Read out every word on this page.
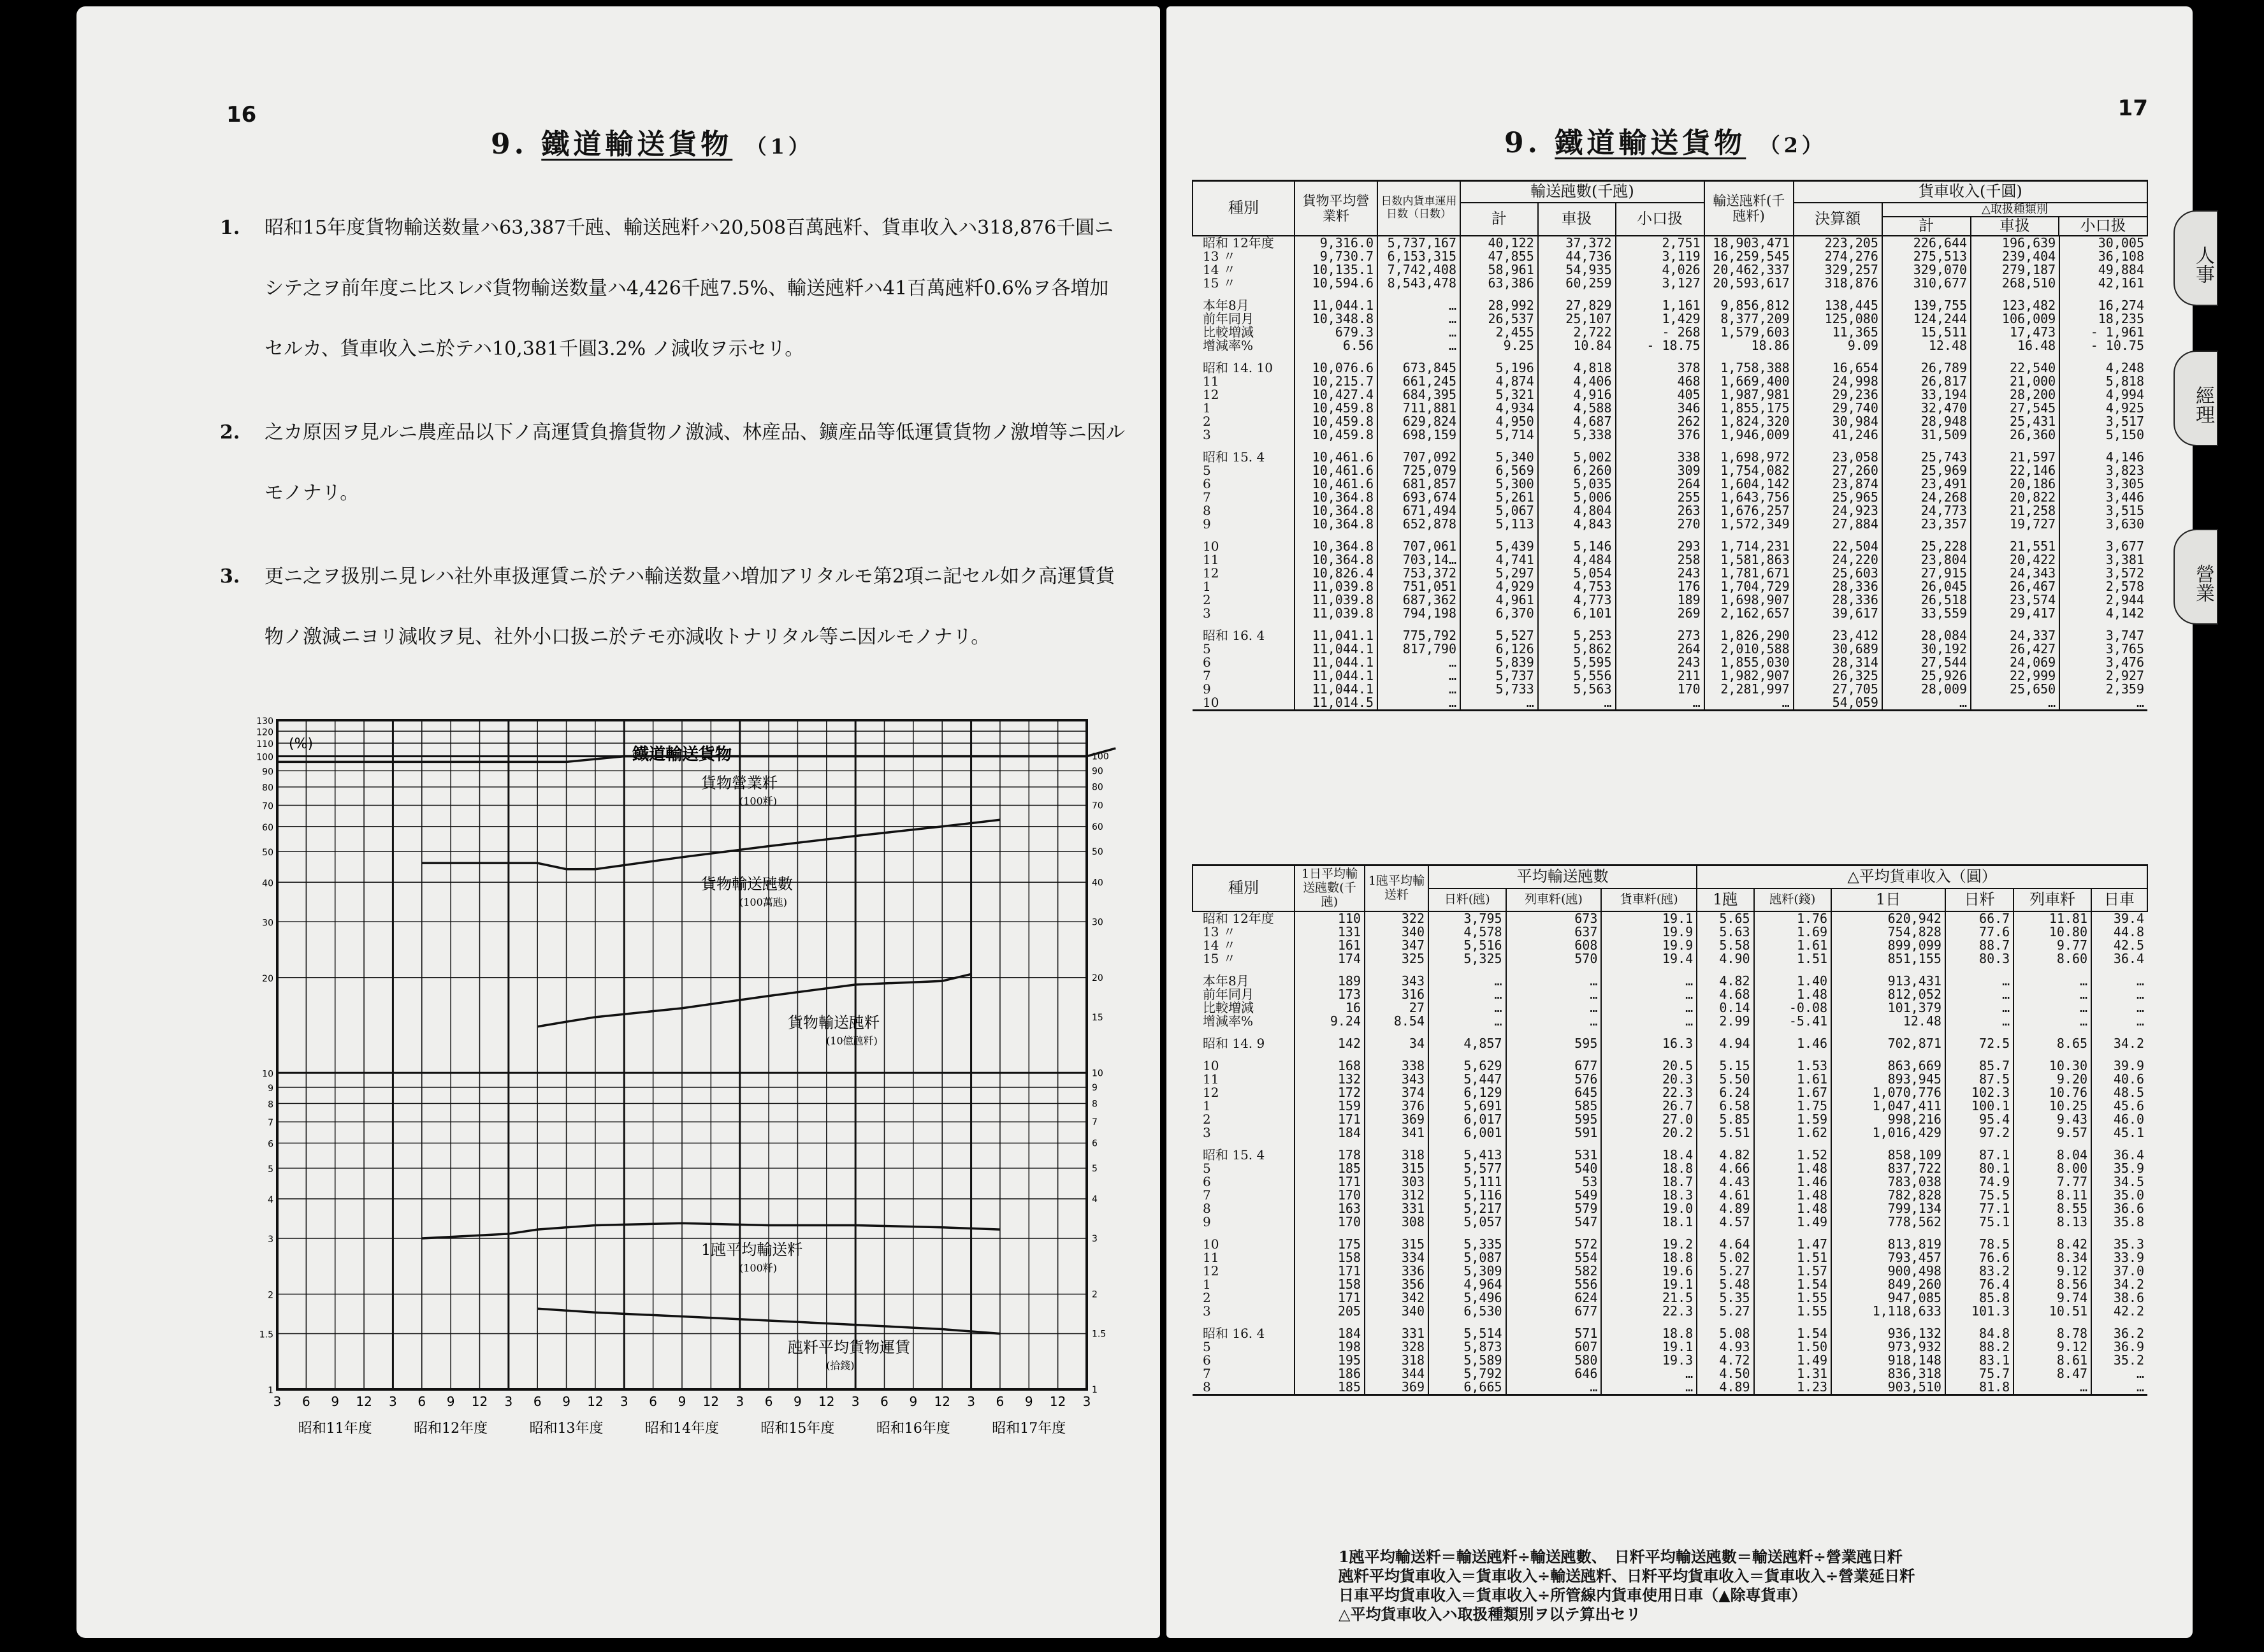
16
9. 鐵道輸送貨物 （1）
1. 昭和15年度貨物輸送数量ハ63,387千瓲、輸送瓲粁ハ20,508百萬瓲粁、貨車收入ハ318,876千圓ニシテ之ヲ前年度ニ比スレバ貨物輸送数量ハ4,426千瓲7.5%、輸送瓲粁ハ41百萬瓲粁0.6%ヲ各増加セルカ、貨車收入ニ於テハ10,381千圓3.2% ノ減收ヲ示セリ。
2. 之カ原因ヲ見ルニ農産品以下ノ高運賃負擔貨物ノ激減、林産品、鑛産品等低運賃貨物ノ激増等ニ因ルモノナリ。
3. 更ニ之ヲ扱別ニ見レハ社外車扱運賃ニ於テハ輸送数量ハ増加アリタルモ第2項ニ記セル如ク高運賃貨物ノ激減ニヨリ減收ヲ見、社外小口扱ニ於テモ亦減收トナリタル等ニ因ルモノナリ。
3 6 9 12 3 6 9 12 3 6 9 12 3 6 9 12 3 6 9 12 3 6 9 12 3 6 9 12 3
130
120
110
100
90
80
70
60
50
40
30
20
10
9
8
7
6
5
4
3
2
1.5
1
100
90
80
70
60
50
40
30
20
15
10
9
8
7
6
5
4
3
2
1.5
1
昭和11年度	昭和12年度	昭和13年度	昭和14年度	昭和15年度	昭和16年度	昭和17年度
鐵道輸送貨物
(%)
貨物營業粁
(100粁)
貨物輸送瓲數
(100萬瓲)
貨物輸送瓲粁
(10億瓲粁)
1瓲平均輸送粁
(100粁)
瓲粁平均貨物運賃
(拾錢)
17
9. 鐵道輸送貨物 （2）
人事
經理
營業
種別	貨物平均營業粁	日数内貨車運用日数（日数）	輸送瓲數(千瓲)			輸送瓲粁(千瓲粁)	貨車收入(千圓)			
			計	車扱	小口扱		決算額	△取扱種類別
計 車扱 小口扱		

昭和 12年度	9,316.0	5,737,167	40,122	37,372	2,751	18,903,471	223,205	226,644	196,639	30,005
13 〃	9,730.7	6,153,315	47,855	44,736	3,119	16,259,545	274,276	275,513	239,404	36,108
14 〃	10,135.1	7,742,408	58,961	54,935	4,026	20,462,337	329,257	329,070	279,187	49,884
15 〃	10,594.6	8,543,478	63,386	60,259	3,127	20,593,617	318,876	310,677	268,510	42,161
本年8月	11,044.1	…	28,992	27,829	1,161	9,856,812	138,445	139,755	123,482	16,274
前年同月	10,348.8	…	26,537	25,107	1,429	8,377,209	125,080	124,244	106,009	18,235
比較増減	679.3	…	2,455	2,722	- 268	1,579,603	11,365	15,511	17,473	- 1,961
增減率%	6.56	…	9.25	10.84	- 18.75	18.86	9.09	12.48	16.48	- 10.75
昭和 14. 10	10,076.6	673,845	5,196	4,818	378	1,758,388	16,654	26,789	22,540	4,248
11	10,215.7	661,245	4,874	4,406	468	1,669,400	24,998	26,817	21,000	5,818
12	10,427.4	684,395	5,321	4,916	405	1,987,981	29,236	33,194	28,200	4,994
1	10,459.8	711,881	4,934	4,588	346	1,855,175	29,740	32,470	27,545	4,925
2	10,459.8	629,824	4,950	4,687	262	1,824,320	30,984	28,948	25,431	3,517
3	10,459.8	698,159	5,714	5,338	376	1,946,009	41,246	31,509	26,360	5,150
昭和 15. 4	10,461.6	707,092	5,340	5,002	338	1,698,972	23,058	25,743	21,597	4,146
5	10,461.6	725,079	6,569	6,260	309	1,754,082	27,260	25,969	22,146	3,823
6	10,461.6	681,857	5,300	5,035	264	1,604,142	23,874	23,491	20,186	3,305
7	10,364.8	693,674	5,261	5,006	255	1,643,756	25,965	24,268	20,822	3,446
8	10,364.8	671,494	5,067	4,804	263	1,676,257	24,923	24,773	21,258	3,515
9	10,364.8	652,878	5,113	4,843	270	1,572,349	27,884	23,357	19,727	3,630
10	10,364.8	707,061	5,439	5,146	293	1,714,231	22,504	25,228	21,551	3,677
11	10,364.8	703,14…	4,741	4,484	258	1,581,863	24,220	23,804	20,422	3,381
12	10,826.4	753,372	5,297	5,054	243	1,781,671	25,603	27,915	24,343	3,572
1	11,039.8	751,051	4,929	4,753	176	1,704,729	28,336	26,045	26,467	2,578
2	11,039.8	687,362	4,961	4,773	189	1,698,907	28,336	26,518	23,574	2,944
3	11,039.8	794,198	6,370	6,101	269	2,162,657	39,617	33,559	29,417	4,142
昭和 16. 4	11,041.1	775,792	5,527	5,253	273	1,826,290	23,412	28,084	24,337	3,747
5	11,044.1	817,790	6,126	5,862	264	2,010,588	30,689	30,192	26,427	3,765
6	11,044.1	…	5,839	5,595	243	1,855,030	28,314	27,544	24,069	3,476
7	11,044.1	…	5,737	5,556	211	1,982,907	26,325	25,926	22,999	2,927
9	11,044.1	…	5,733	5,563	170	2,281,997	27,705	28,009	25,650	2,359
10	11,014.5	…	…	…	…	…	54,059	…	…	…
種別	1日平均輸送瓲數(千瓲)	1瓲平均輸送粁	平均輸送瓲數			△平均貨車收入（圓）					
			日粁(瓲)	列車粁(瓲)	貨車粁(瓲)	1瓲	瓲粁(錢)	1日	日粁	列車粁	日車
昭和 12年度	110	322	3,795	673	19.1	5.65	1.76	620,942	66.7	11.81	39.4
13 〃	131	340	4,578	637	19.9	5.63	1.69	754,828	77.6	10.80	44.8
14 〃	161	347	5,516	608	19.9	5.58	1.61	899,099	88.7	9.77	42.5
15 〃	174	325	5,325	570	19.4	4.90	1.51	851,155	80.3	8.60	36.4
本年8月	189	343	…	…	…	4.82	1.40	913,431	…	…	…
前年同月	173	316	…	…	…	4.68	1.48	812,052	…	…	…
比較増減	16	27	…	…	…	0.14	-0.08	101,379	…	…	…
增減率%	9.24	8.54	…	…	…	2.99	-5.41	12.48	…	…	…
昭和 14. 9	142	34	4,857	595	16.3	4.94	1.46	702,871	72.5	8.65	34.2
10	168	338	5,629	677	20.5	5.15	1.53	863,669	85.7	10.30	39.9
11	132	343	5,447	576	20.3	5.50	1.61	893,945	87.5	9.20	40.6
12	172	374	6,129	645	22.3	6.24	1.67	1,070,776	102.3	10.76	48.5
1	159	376	5,691	585	26.7	6.58	1.75	1,047,411	100.1	10.25	45.6
2	171	369	6,017	595	27.0	5.85	1.59	998,216	95.4	9.43	46.0
3	184	341	6,001	591	20.2	5.51	1.62	1,016,429	97.2	9.57	45.1
昭和 15. 4	178	318	5,413	531	18.4	4.82	1.52	858,109	87.1	8.04	36.4
5	185	315	5,577	540	18.8	4.66	1.48	837,722	80.1	8.00	35.9
6	171	303	5,111	53	18.7	4.43	1.46	783,038	74.9	7.77	34.5
7	170	312	5,116	549	18.3	4.61	1.48	782,828	75.5	8.11	35.0
8	163	331	5,217	579	19.0	4.89	1.48	799,134	77.1	8.55	36.6
9	170	308	5,057	547	18.1	4.57	1.49	778,562	75.1	8.13	35.8
10	175	315	5,335	572	19.2	4.64	1.47	813,819	78.5	8.42	35.3
11	158	334	5,087	554	18.8	5.02	1.51	793,457	76.6	8.34	33.9
12	171	336	5,309	582	19.6	5.27	1.57	900,498	83.2	9.12	37.0
1	158	356	4,964	556	19.1	5.48	1.54	849,260	76.4	8.56	34.2
2	171	342	5,496	624	21.5	5.35	1.55	947,085	85.8	9.74	38.6
3	205	340	6,530	677	22.3	5.27	1.55	1,118,633	101.3	10.51	42.2
昭和 16. 4	184	331	5,514	571	18.8	5.08	1.54	936,132	84.8	8.78	36.2
5	198	328	5,873	607	19.1	4.93	1.50	973,932	88.2	9.12	36.9
6	195	318	5,589	580	19.3	4.72	1.49	918,148	83.1	8.61	35.2
7	186	344	5,792	646	…	4.50	1.31	836,318	75.7	8.47	…
8	185	369	6,665	…	…	4.89	1.23	903,510	81.8	…	…
1瓲平均輸送粁＝輸送瓲粁÷輸送瓲數、　日粁平均輸送瓲數＝輸送瓲粁÷營業瓲日粁
瓲粁平均貨車收入＝貨車收入÷輸送瓲粁、日粁平均貨車收入＝貨車收入÷營業延日粁
日車平均貨車收入＝貨車收入÷所管線内貨車使用日車（▲除専貨車）
△平均貨車收入ハ取扱種類別ヲ以テ算出セリ
